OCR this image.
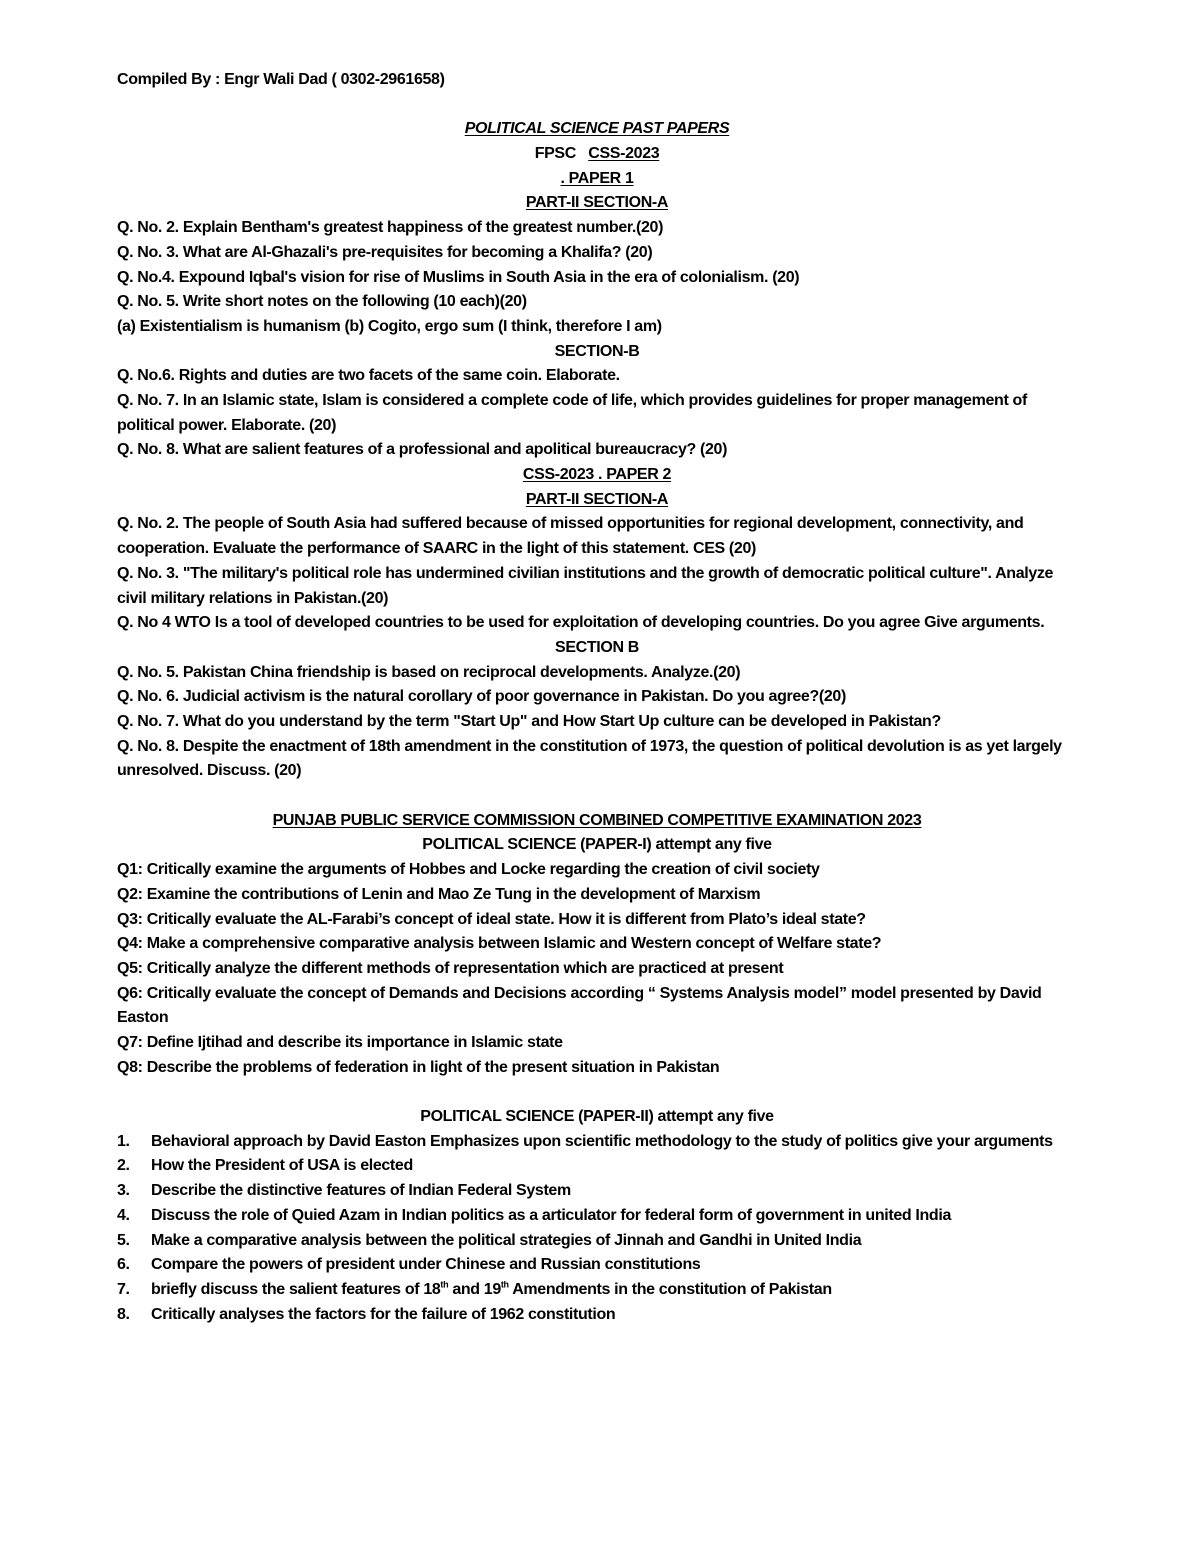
Compiled By : Engr Wali Dad ( 0302-2961658)
POLITICAL SCIENCE PAST PAPERS
FPSC CSS-2023
. PAPER 1
PART-II SECTION-A
Q. No. 2. Explain Bentham's greatest happiness of the greatest number.(20)
Q. No. 3. What are Al-Ghazali's pre-requisites for becoming a Khalifa? (20)
Q. No.4. Expound Iqbal's vision for rise of Muslims in South Asia in the era of colonialism. (20)
Q. No. 5. Write short notes on the following (10 each)(20)
(a) Existentialism is humanism (b) Cogito, ergo sum (I think, therefore I am)
SECTION-B
Q. No.6. Rights and duties are two facets of the same coin. Elaborate.
Q. No. 7. In an Islamic state, Islam is considered a complete code of life, which provides guidelines for proper management of political power. Elaborate. (20)
Q. No. 8. What are salient features of a professional and apolitical bureaucracy? (20)
CSS-2023 . PAPER 2
PART-II SECTION-A
Q. No. 2. The people of South Asia had suffered because of missed opportunities for regional development, connectivity, and cooperation. Evaluate the performance of SAARC in the light of this statement. CES (20)
Q. No. 3. "The military's political role has undermined civilian institutions and the growth of democratic political culture". Analyze civil military relations in Pakistan.(20)
Q. No 4 WTO Is a tool of developed countries to be used for exploitation of developing countries. Do you agree Give arguments.
SECTION B
Q. No. 5. Pakistan China friendship is based on reciprocal developments. Analyze.(20)
Q. No. 6. Judicial activism is the natural corollary of poor governance in Pakistan. Do you agree?(20)
Q. No. 7. What do you understand by the term "Start Up" and How Start Up culture can be developed in Pakistan?
Q. No. 8. Despite the enactment of 18th amendment in the constitution of 1973, the question of political devolution is as yet largely unresolved. Discuss. (20)
PUNJAB PUBLIC SERVICE COMMISSION COMBINED COMPETITIVE EXAMINATION 2023
POLITICAL SCIENCE (PAPER-I) attempt any five
Q1: Critically examine the arguments of Hobbes and Locke regarding the creation of civil society
Q2: Examine the contributions of Lenin and Mao Ze Tung in the development of Marxism
Q3: Critically evaluate the AL-Farabi’s concept of ideal state. How it is different from Plato’s ideal state?
Q4: Make a comprehensive comparative analysis between Islamic and Western concept of Welfare state?
Q5: Critically analyze the different methods of representation which are practiced at present
Q6: Critically evaluate the concept of Demands and Decisions according “ Systems Analysis model” model presented by David Easton
Q7: Define Ijtihad and describe its importance in Islamic state
Q8: Describe the problems of federation in light of the present situation in Pakistan
POLITICAL SCIENCE (PAPER-II) attempt any five
1.	Behavioral approach by David Easton Emphasizes upon scientific methodology to the study of politics give your arguments
2.	How the President of USA is elected
3.	Describe the distinctive features of Indian Federal System
4.	Discuss the role of Quied Azam in Indian politics as a articulator for federal form of government in united India
5.	Make a comparative analysis between the political strategies of Jinnah and Gandhi in United India
6.	Compare the powers of president under Chinese and Russian constitutions
7.	briefly discuss the salient features of 18th and 19th Amendments in the constitution of Pakistan
8.	Critically analyses the factors for the failure of 1962 constitution
